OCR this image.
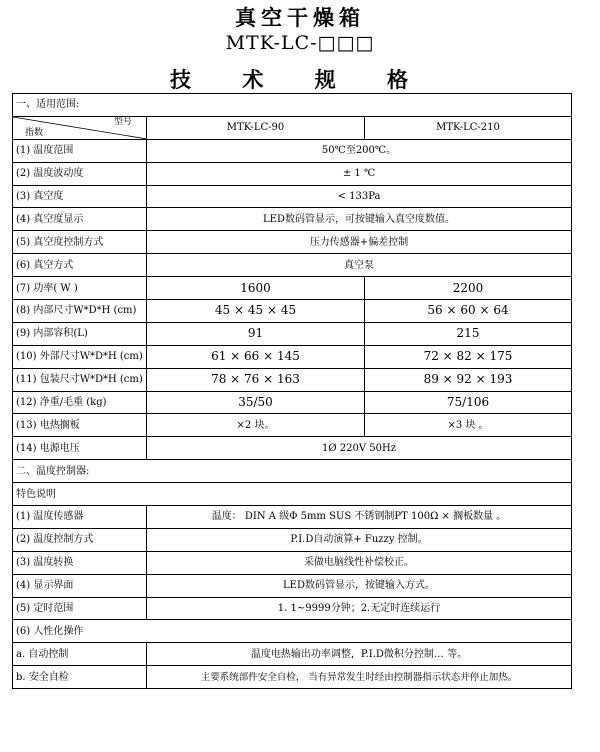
真空干燥箱
MTK-LC-□□□
技 术 规 格
一、适用范围:		

型号
指数	MTK-LC-90	MTK-LC-210
(1) 温度范围	50℃至200℃。	
(2) 温度波动度	± 1 ℃	
(3) 真空度	< 133Pa	
(4) 真空度显示	LED数码管显示，可按键输入真空度数值。	
(5) 真空度控制方式	压力传感器+偏差控制	
(6) 真空方式	真空泵	
(7) 功率( W )	1600	2200
(8) 内部尺寸W*D*H (cm)	45 × 45 × 45	56 × 60 × 64
(9) 内部容积(L)	91	215
(10) 外部尺寸W*D*H (cm)	61 × 66 × 145	72 × 82 × 175
(11) 包装尺寸W*D*H (cm)	78 × 76 × 163	89 × 92 × 193
(12) 净重/毛重 (kg)	35/50	75/106
(13) 电热搁板	×2 块。	×3 块 。
(14) 电源电压	1Ø 220V 50Hz	
二、温度控制器:		
特色说明		
(1) 温度传感器	温度： DIN A 级Φ 5mm SUS 不锈钢制PT 100Ω × 搁板数量 。	
(2) 温度控制方式	P.I.D自动演算+ Fuzzy 控制。	
(3) 温度转换	采做电脑线性补偿校正。	
(4) 显示界面	LED数码管显示，按键输入方式。	
(5) 定时范围	1. 1~9999分钟；2.无定时连续运行	
(6) 人性化操作		
a. 自动控制	温度电热输出功率调整，P.I.D微积分控制… 等。	
b. 安全自检	主要系统部件安全自检， 当有异常发生时经由控制器指示状态并停止加热。	
